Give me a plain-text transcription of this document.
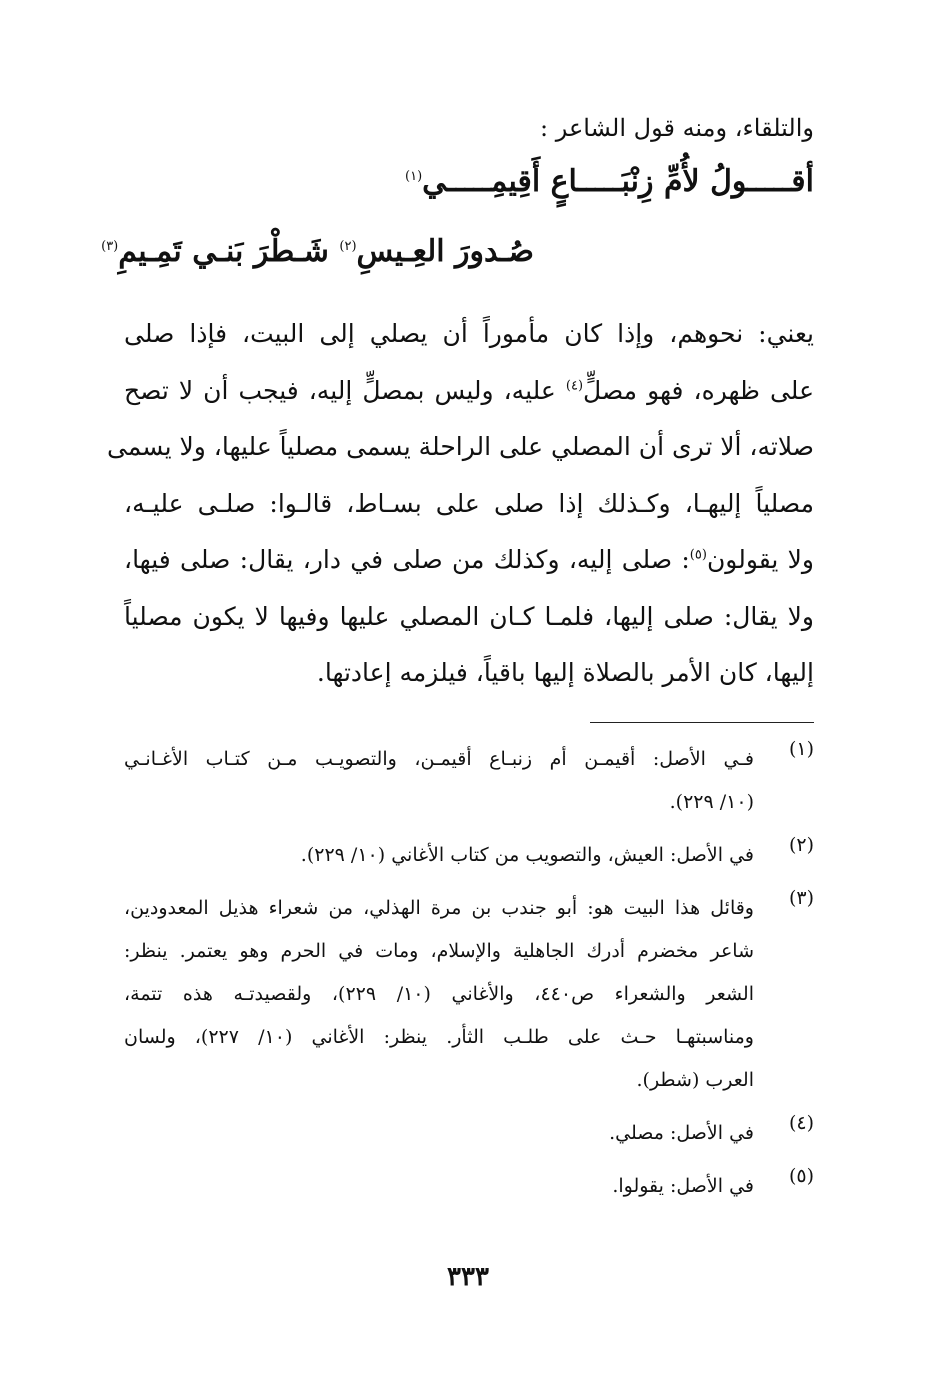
والتلقاء، ومنه قول الشاعر :
أقـــــولُ لأُمِّ زِنْبَـــــاعٍ أَقِيمِـــــي$^{(١)}$
صُـدورَ العِـيسِ$^{(٢)}$ شَـطْرَ بَنـي تَمِـيمِ$^{(٣)}$
يعني: نحوهم، وإذا كان مأموراً أن يصلي إلى البيت، فإذا صلى
على ظهره، فهو مصلٍّ$^{(٤)}$ عليه، وليس بمصلٍّ إليه، فيجب أن لا تصح
صلاته، ألا ترى أن المصلي على الراحلة يسمى مصلياً عليها، ولا يسمى
مصلياً إليهـا، وكـذلك إذا صلى على بسـاط، قالـوا: صلـى عليـه،
ولا يقولون$^{(٥)}$: صلى إليه، وكذلك من صلى في دار، يقال: صلى فيها،
ولا يقال: صلى إليها، فلمـا كـان المصلي عليها وفيها لا يكون مصلياً
إليها، كان الأمر بالصلاة إليها باقياً، فيلزمه إعادتها.
(١)
فـي الأصل: أقيمـن أم زنبـاع أقيمـن، والتصويـب مـن كتـاب الأغـانـي
(١٠/ ٢٢٩).
(٢)
في الأصل: العيش، والتصويب من كتاب الأغاني (١٠/ ٢٢٩).
(٣)
وقائل هذا البيت هو: أبو جندب بن مرة الهذلي، من شعراء هذيل المعدودين،
شاعر مخضرم أدرك الجاهلية والإسلام، ومات في الحرم وهو يعتمر. ينظر:
الشعر والشعراء ص٤٤٠، والأغاني (١٠/ ٢٢٩)، ولقصيدتـه هذه تتمة،
ومناسبتهـا حـث على طلـب الثأر. ينظر: الأغاني (١٠/ ٢٢٧)، ولسان
العرب (شطر).
(٤)
في الأصل: مصلي.
(٥)
في الأصل: يقولوا.
٣٣٣
